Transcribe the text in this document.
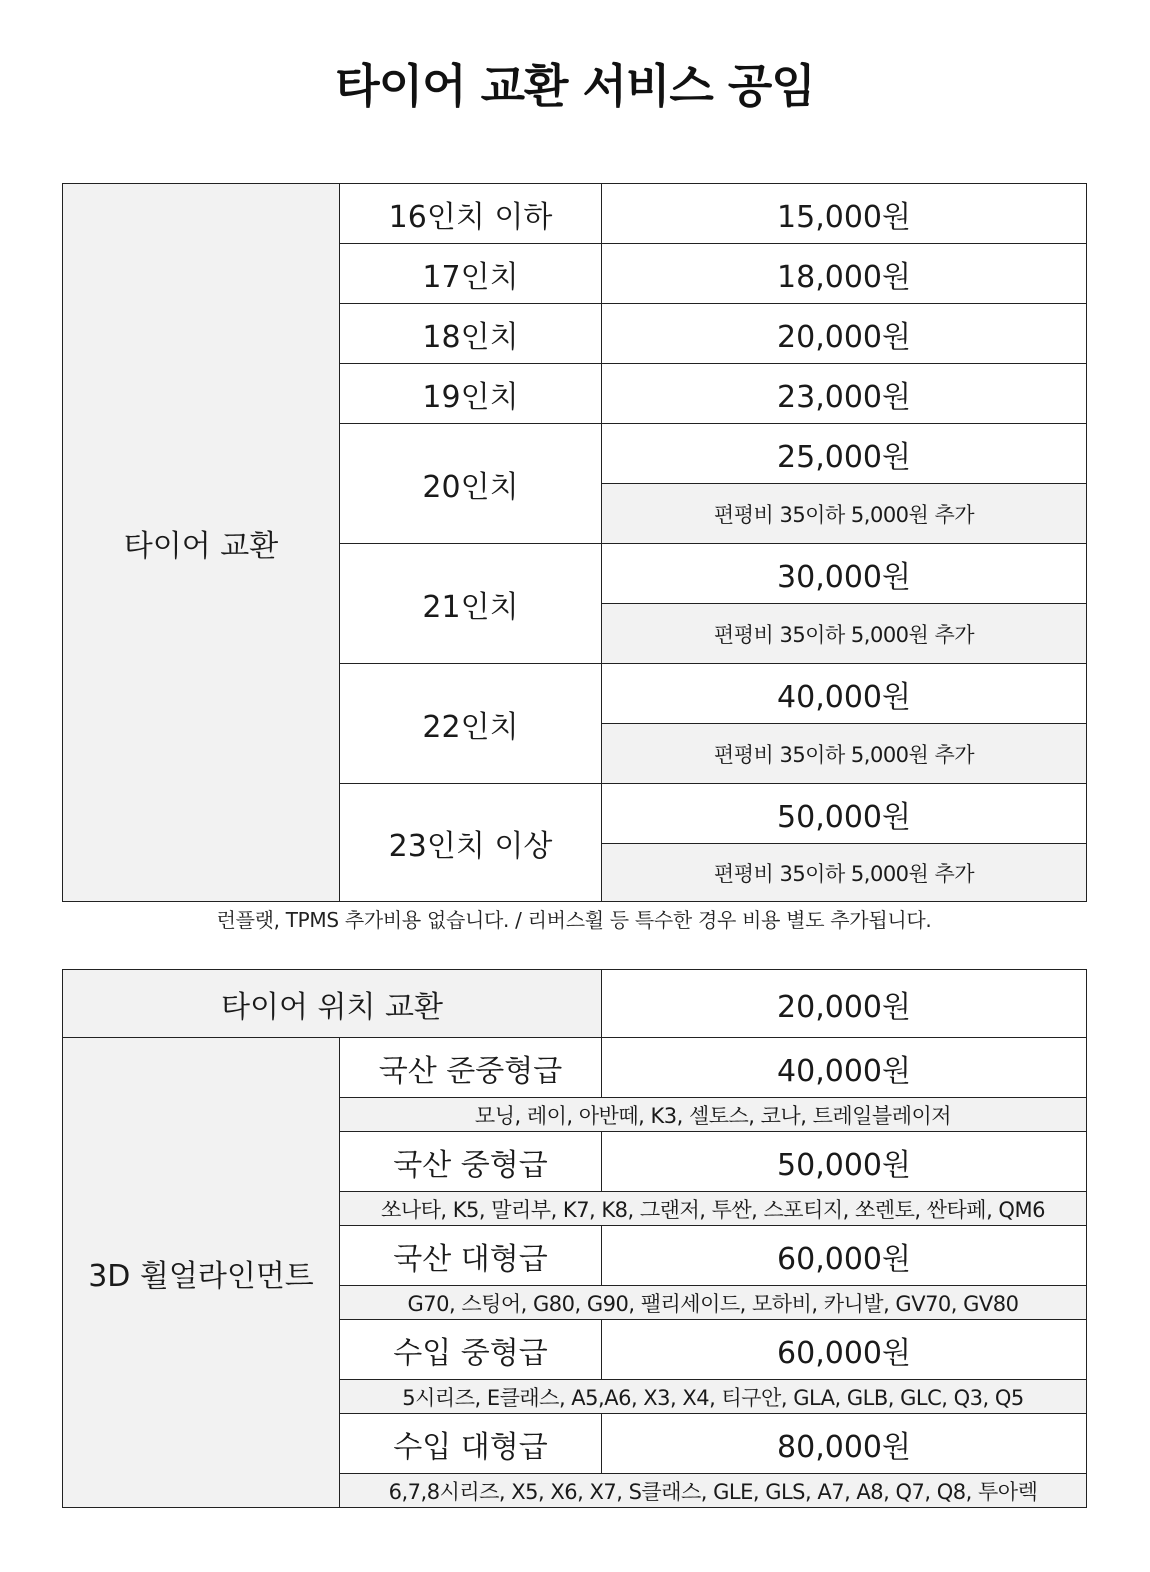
타이어 교환 서비스 공임
타이어 교환	16인치 이하	15,000원
	17인치	18,000원
	18인치	20,000원
	19인치	23,000원
	20인치	25,000원
		편평비 35이하 5,000원 추가
	21인치	30,000원
		편평비 35이하 5,000원 추가
	22인치	40,000원
		편평비 35이하 5,000원 추가
	23인치 이상	50,000원
		편평비 35이하 5,000원 추가
런플랫, TPMS 추가비용 없습니다. / 리버스휠 등 특수한 경우 비용 별도 추가됩니다.
타이어 위치 교환		20,000원
3D 휠얼라인먼트	국산 준중형급	40,000원
	모닝, 레이, 아반떼, K3, 셀토스, 코나, 트레일블레이저	
	국산 중형급	50,000원
	쏘나타, K5, 말리부, K7, K8, 그랜저, 투싼, 스포티지, 쏘렌토, 싼타페, QM6	
	국산 대형급	60,000원
	G70, 스팅어, G80, G90, 팰리세이드, 모하비, 카니발, GV70, GV80	
	수입 중형급	60,000원
	5시리즈, E클래스, A5,A6, X3, X4, 티구안, GLA, GLB, GLC, Q3, Q5	
	수입 대형급	80,000원
	6,7,8시리즈, X5, X6, X7, S클래스, GLE, GLS, A7, A8, Q7, Q8, 투아렉	
